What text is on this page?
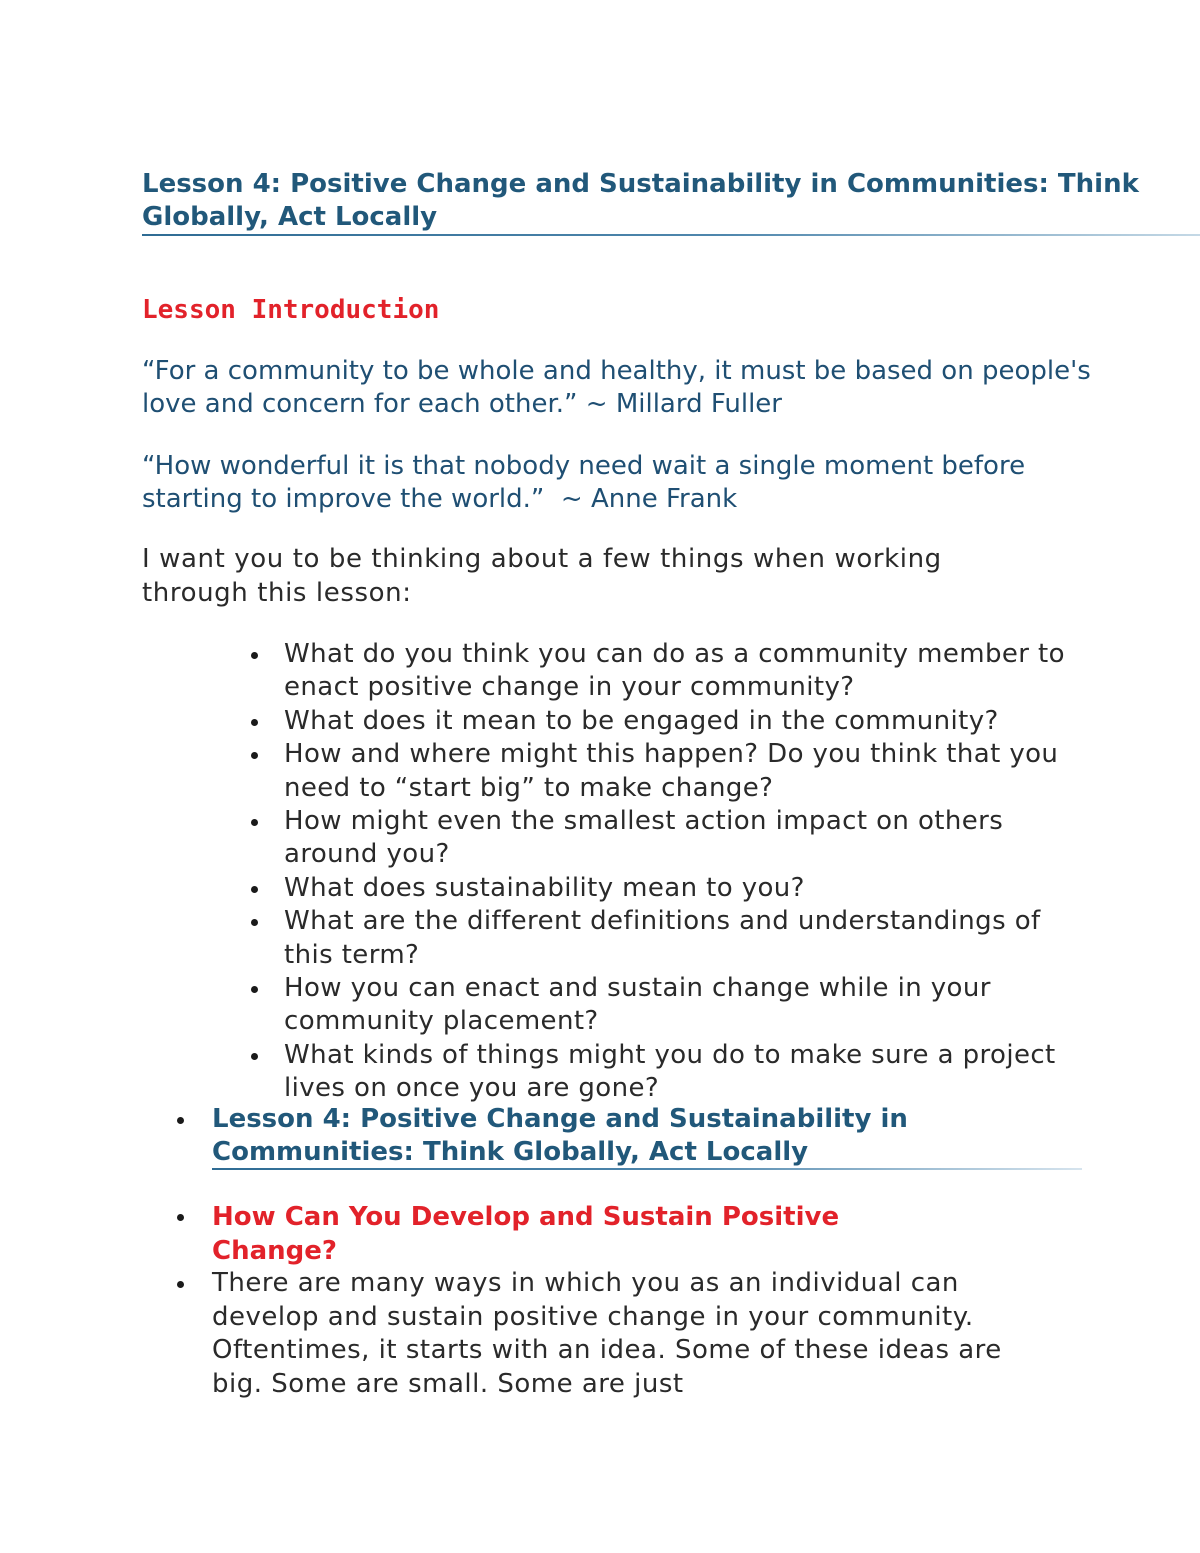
Lesson 4: Positive Change and Sustainability in Communities: Think Globally, Act Locally
Lesson Introduction

“For a community to be whole and healthy, it must be based on people's love and concern for each other.” ~ Millard Fuller

“How wonderful it is that nobody need wait a single moment before starting to improve the world.”  ~ Anne Frank

I want you to be thinking about a few things when working through this lesson:

What do you think you can do as a community member to enact positive change in your community?
What does it mean to be engaged in the community?
How and where might this happen? Do you think that you need to “start big” to make change?
How might even the smallest action impact on others around you?
What does sustainability mean to you?
What are the different definitions and understandings of this term?
How you can enact and sustain change while in your community placement?
What kinds of things might you do to make sure a project lives on once you are gone?
Lesson 4: Positive Change and Sustainability in Communities: Think Globally, Act Locally
How Can You Develop and Sustain Positive Change?
There are many ways in which you as an individual can develop and sustain positive change in your community. Oftentimes, it starts with an idea. Some of these ideas are big. Some are small. Some are just
